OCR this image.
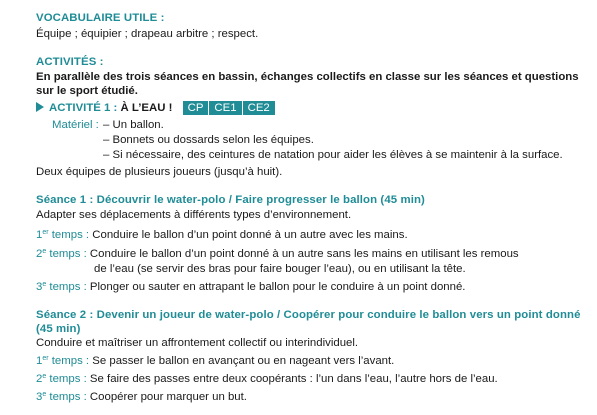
VOCABULAIRE UTILE :
Équipe ; équipier ; drapeau arbitre ; respect.
ACTIVITÉS :
En parallèle des trois séances en bassin, échanges collectifs en classe sur les séances et questions
sur le sport étudié.
ACTIVITÉ 1 : À L’EAU ! CP CE1 CE2
Matériel : – Un ballon.
– Bonnets ou dossards selon les équipes.
– Si nécessaire, des ceintures de natation pour aider les élèves à se maintenir à la surface.
Deux équipes de plusieurs joueurs (jusqu’à huit).
Séance 1 : Découvrir le water-polo / Faire progresser le ballon (45 min)
Adapter ses déplacements à différents types d’environnement.
1er temps : Conduire le ballon d’un point donné à un autre avec les mains.
2e temps : Conduire le ballon d’un point donné à un autre sans les mains en utilisant les remous
de l’eau (se servir des bras pour faire bouger l’eau), ou en utilisant la tête.
3e temps : Plonger ou sauter en attrapant le ballon pour le conduire à un point donné.
Séance 2 : Devenir un joueur de water-polo / Coopérer pour conduire le ballon vers un point donné
(45 min)
Conduire et maîtriser un affrontement collectif ou interindividuel.
1er temps : Se passer le ballon en avançant ou en nageant vers l’avant.
2e temps : Se faire des passes entre deux coopérants : l’un dans l’eau, l’autre hors de l’eau.
3e temps : Coopérer pour marquer un but.
